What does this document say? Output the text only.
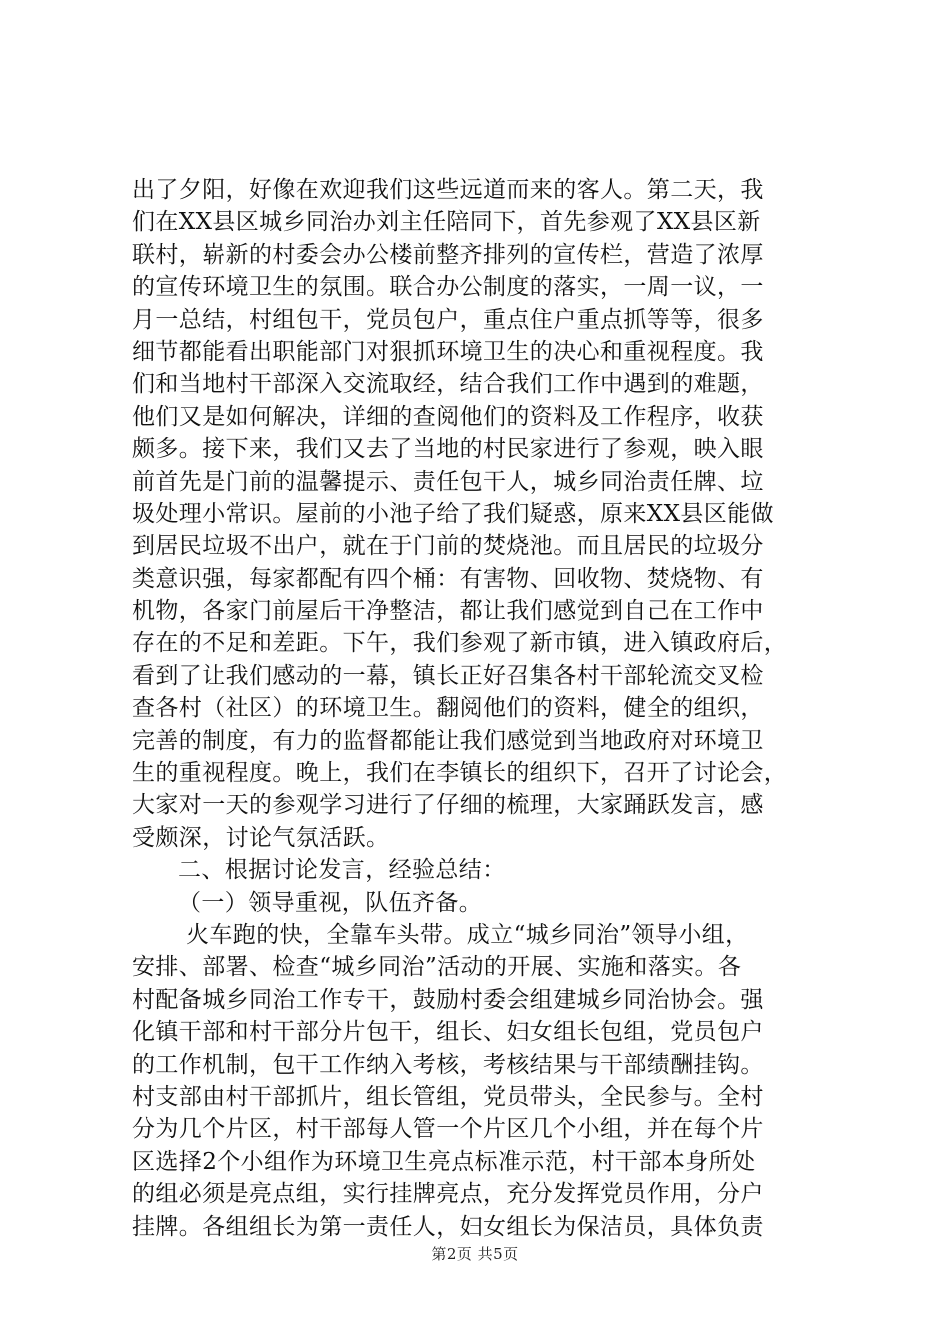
出了夕阳，好像在欢迎我们这些远道而来的客人。第二天，我
们在XX县区城乡同治办刘主任陪同下，首先参观了XX县区新
联村，崭新的村委会办公楼前整齐排列的宣传栏，营造了浓厚
的宣传环境卫生的氛围。联合办公制度的落实，一周一议，一
月一总结，村组包干，党员包户，重点住户重点抓等等，很多
细节都能看出职能部门对狠抓环境卫生的决心和重视程度。我
们和当地村干部深入交流取经，结合我们工作中遇到的难题，
他们又是如何解决，详细的查阅他们的资料及工作程序，收获
颇多。接下来，我们又去了当地的村民家进行了参观，映入眼
前首先是门前的温馨提示、责任包干人，城乡同治责任牌、垃
圾处理小常识。屋前的小池子给了我们疑惑，原来XX县区能做
到居民垃圾不出户，就在于门前的焚烧池。而且居民的垃圾分
类意识强，每家都配有四个桶：有害物、回收物、焚烧物、有
机物，各家门前屋后干净整洁，都让我们感觉到自己在工作中
存在的不足和差距。下午，我们参观了新市镇，进入镇政府后，
看到了让我们感动的一幕，镇长正好召集各村干部轮流交叉检
查各村（社区）的环境卫生。翻阅他们的资料，健全的组织，
完善的制度，有力的监督都能让我们感觉到当地政府对环境卫
生的重视程度。晚上，我们在李镇长的组织下，召开了讨论会，
大家对一天的参观学习进行了仔细的梳理，大家踊跃发言，感
受颇深，讨论气氛活跃。
二、根据讨论发言，经验总结：
（一）领导重视，队伍齐备。
火车跑的快，全靠车头带。成立“城乡同治”领导小组，
安排、部署、检查“城乡同治”活动的开展、实施和落实。各
村配备城乡同治工作专干，鼓励村委会组建城乡同治协会。强
化镇干部和村干部分片包干，组长、妇女组长包组，党员包户
的工作机制，包干工作纳入考核，考核结果与干部绩酬挂钩。
村支部由村干部抓片，组长管组，党员带头，全民参与。全村
分为几个片区，村干部每人管一个片区几个小组，并在每个片
区选择2个小组作为环境卫生亮点标准示范，村干部本身所处
的组必须是亮点组，实行挂牌亮点，充分发挥党员作用，分户
挂牌。各组组长为第一责任人，妇女组长为保洁员，具体负责
第2页 共5页
